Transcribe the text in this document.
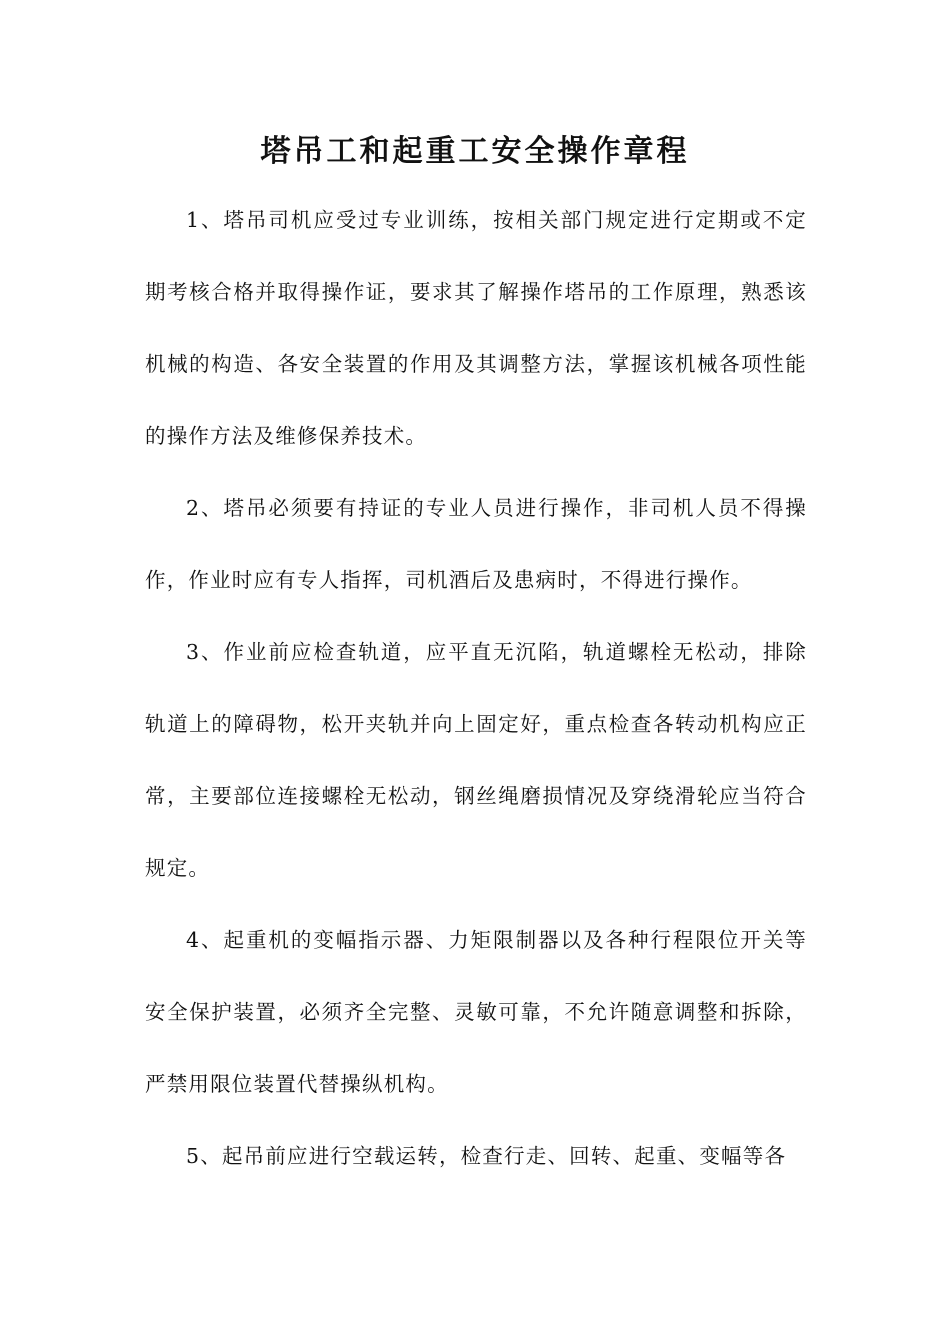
塔吊工和起重工安全操作章程

1、塔吊司机应受过专业训练，按相关部门规定进行定期或不定期考核合格并取得操作证，要求其了解操作塔吊的工作原理，熟悉该机械的构造、各安全装置的作用及其调整方法，掌握该机械各项性能的操作方法及维修保养技术。

2、塔吊必须要有持证的专业人员进行操作，非司机人员不得操作，作业时应有专人指挥，司机酒后及患病时，不得进行操作。

3、作业前应检查轨道，应平直无沉陷，轨道螺栓无松动，排除轨道上的障碍物，松开夹轨并向上固定好，重点检查各转动机构应正常，主要部位连接螺栓无松动，钢丝绳磨损情况及穿绕滑轮应当符合规定。

4、起重机的变幅指示器、力矩限制器以及各种行程限位开关等安全保护装置，必须齐全完整、灵敏可靠，不允许随意调整和拆除，严禁用限位装置代替操纵机构。

5、起吊前应进行空载运转，检查行走、回转、起重、变幅等各
